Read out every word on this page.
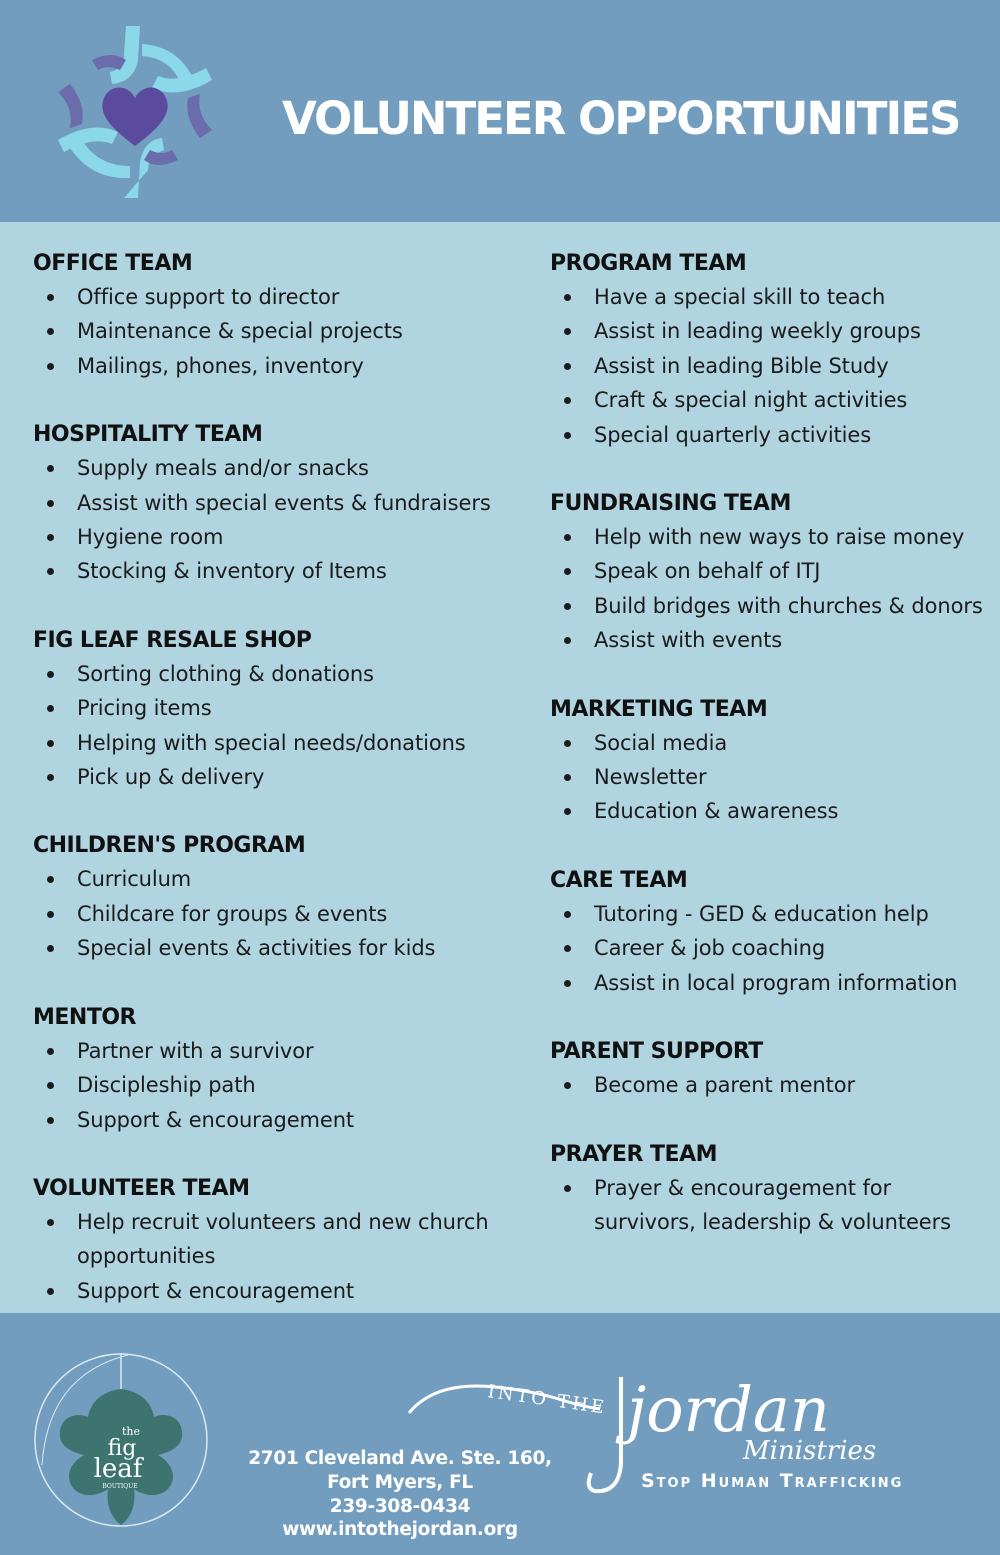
VOLUNTEER OPPORTUNITIES
OFFICE TEAM
Office support to director
Maintenance & special projects
Mailings, phones, inventory
HOSPITALITY TEAM
Supply meals and/or snacks
Assist with special events & fundraisers
Hygiene room
Stocking & inventory of Items
FIG LEAF RESALE SHOP
Sorting clothing & donations
Pricing items
Helping with special needs/donations
Pick up & delivery
CHILDREN'S PROGRAM
Curriculum
Childcare for groups & events
Special events & activities for kids
MENTOR
Partner with a survivor
Discipleship path
Support & encouragement
VOLUNTEER TEAM
Help recruit volunteers and new church opportunities
Support & encouragement
PROGRAM TEAM
Have a special skill to teach
Assist in leading weekly groups
Assist in leading Bible Study
Craft & special night activities
Special quarterly activities
FUNDRAISING TEAM
Help with new ways to raise money
Speak on behalf of ITJ
Build bridges with churches & donors
Assist with events
MARKETING TEAM
Social media
Newsletter
Education & awareness
CARE TEAM
Tutoring - GED & education help
Career & job coaching
Assist in local program information
PARENT SUPPORT
Become a parent mentor
PRAYER TEAM
Prayer & encouragement for survivors, leadership & volunteers
the
fig
leaf
BOUTIQUE
2701 Cleveland Ave. Ste. 160,
Fort Myers, FL
239-308-0434
www.intothejordan.org
INTO THE jordan
Ministries
Stop Human Trafficking
